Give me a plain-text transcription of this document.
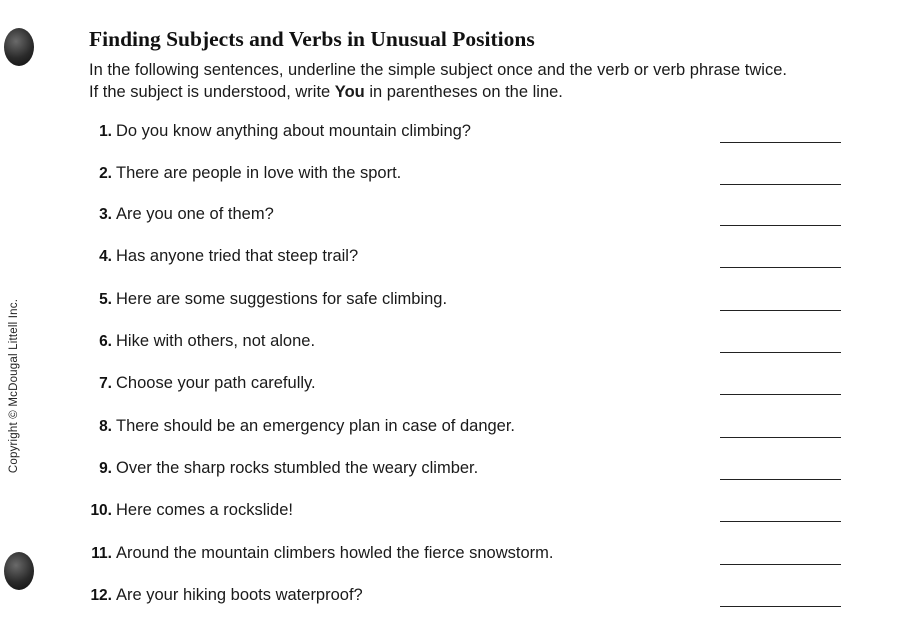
Copyright © McDougal Littell Inc.
Finding Subjects and Verbs in Unusual Positions

In the following sentences, underline the simple subject once and the verb or verb phrase twice. If the subject is understood, write You in parentheses on the line.

1. Do you know anything about mountain climbing?
2. There are people in love with the sport.
3. Are you one of them?
4. Has anyone tried that steep trail?
5. Here are some suggestions for safe climbing.
6. Hike with others, not alone.
7. Choose your path carefully.
8. There should be an emergency plan in case of danger.
9. Over the sharp rocks stumbled the weary climber.
10. Here comes a rockslide!
11. Around the mountain climbers howled the fierce snowstorm.
12. Are your hiking boots waterproof?
